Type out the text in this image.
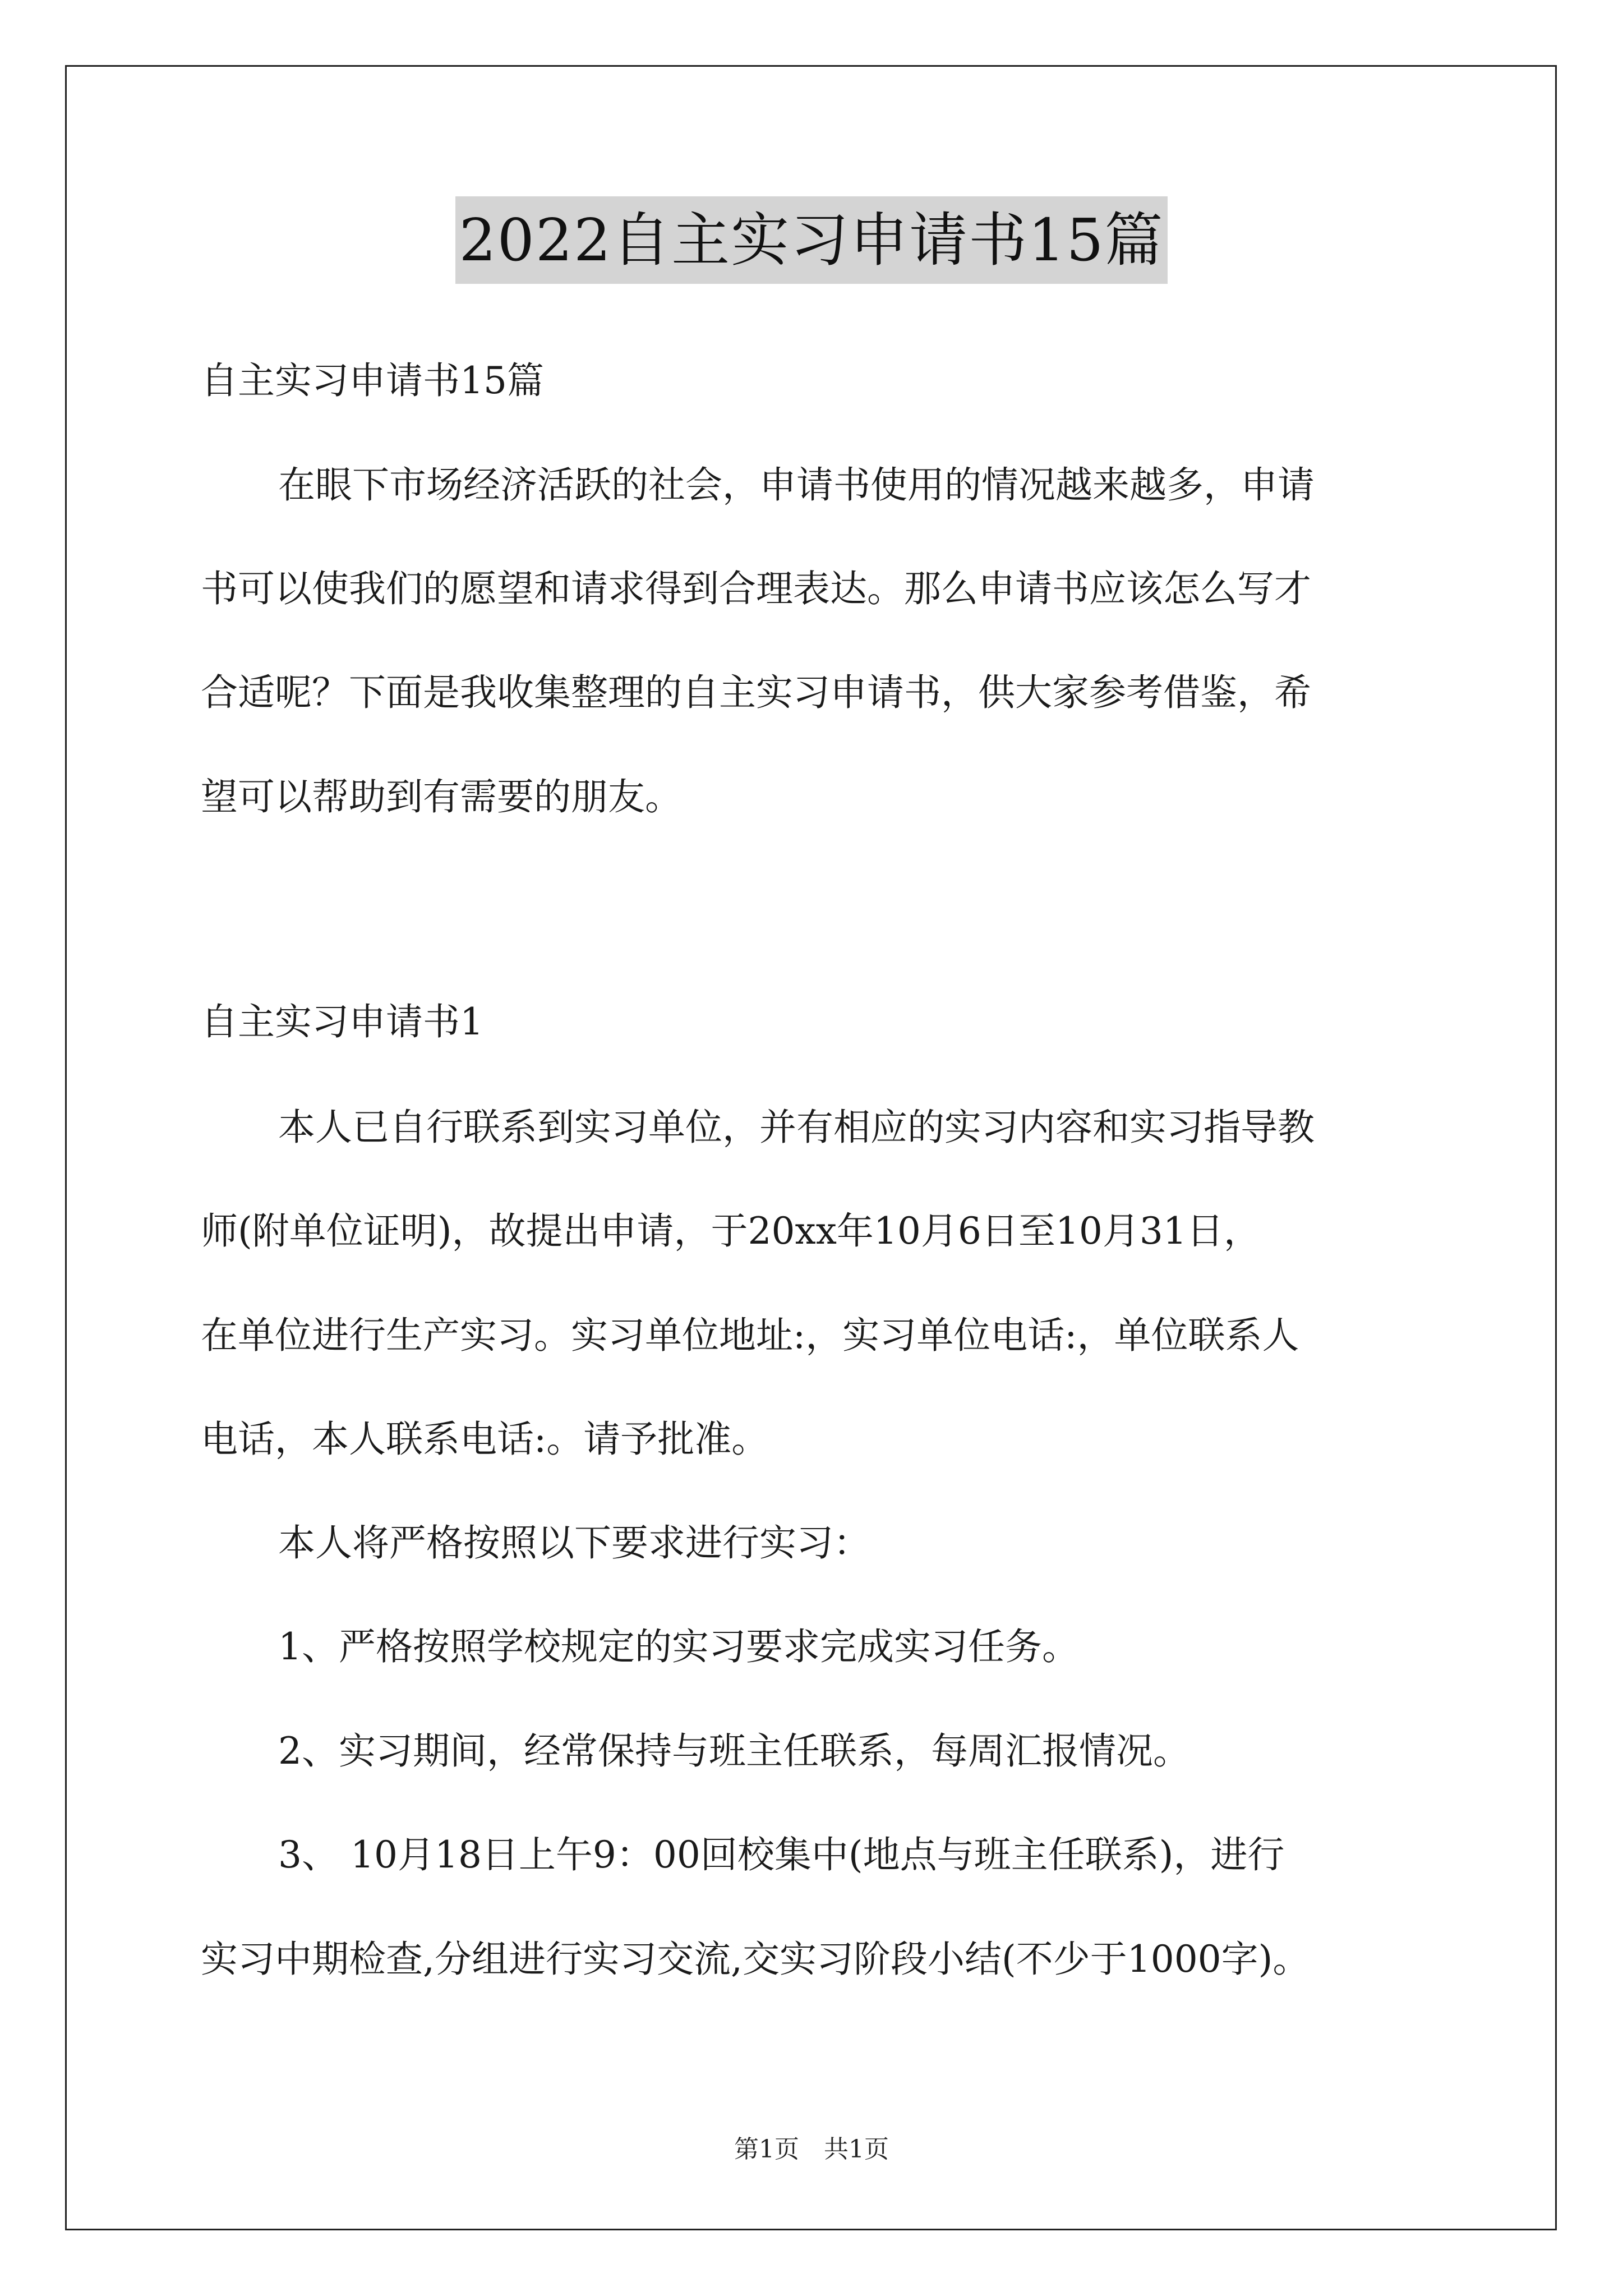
2022自主实习申请书15篇
自主实习申请书15篇
在眼下市场经济活跃的社会，申请书使用的情况越来越多，申请
书可以使我们的愿望和请求得到合理表达。那么申请书应该怎么写才
合适呢？下面是我收集整理的自主实习申请书，供大家参考借鉴，希
望可以帮助到有需要的朋友。
自主实习申请书1
本人已自行联系到实习单位，并有相应的实习内容和实习指导教
师(附单位证明)，故提出申请，于20xx年10月6日至10月31日，
在单位进行生产实习。实习单位地址:，实习单位电话:，单位联系人
电话，本人联系电话:。请予批准。
本人将严格按照以下要求进行实习：
1、严格按照学校规定的实习要求完成实习任务。
2、实习期间，经常保持与班主任联系，每周汇报情况。
3、 10月18日上午9：00回校集中(地点与班主任联系)，进行
实习中期检查,分组进行实习交流,交实习阶段小结(不少于1000字)。
第1页　共1页
